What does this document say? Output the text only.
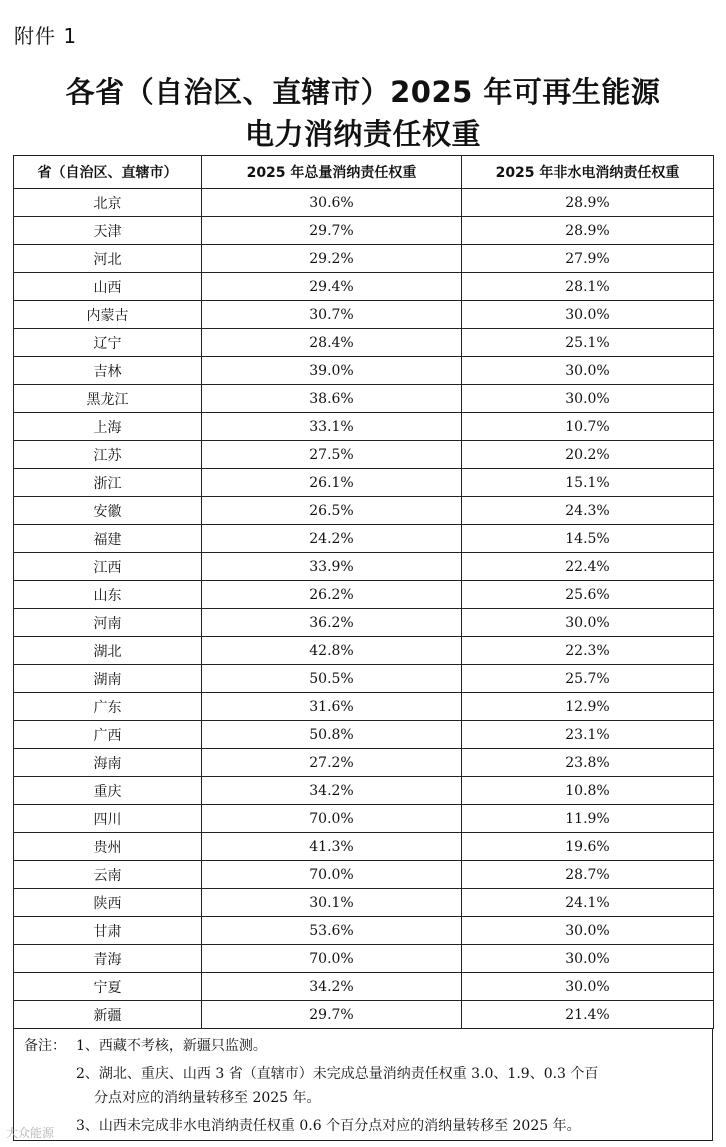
附件 1
各省（自治区、直辖市）2025 年可再生能源
电力消纳责任权重
省（自治区、直辖市）	2025 年总量消纳责任权重	2025 年非水电消纳责任权重
北京	30.6%	28.9%
天津	29.7%	28.9%
河北	29.2%	27.9%
山西	29.4%	28.1%
内蒙古	30.7%	30.0%
辽宁	28.4%	25.1%
吉林	39.0%	30.0%
黑龙江	38.6%	30.0%
上海	33.1%	10.7%
江苏	27.5%	20.2%
浙江	26.1%	15.1%
安徽	26.5%	24.3%
福建	24.2%	14.5%
江西	33.9%	22.4%
山东	26.2%	25.6%
河南	36.2%	30.0%
湖北	42.8%	22.3%
湖南	50.5%	25.7%
广东	31.6%	12.9%
广西	50.8%	23.1%
海南	27.2%	23.8%
重庆	34.2%	10.8%
四川	70.0%	11.9%
贵州	41.3%	19.6%
云南	70.0%	28.7%
陕西	30.1%	24.1%
甘肃	53.6%	30.0%
青海	70.0%	30.0%
宁夏	34.2%	30.0%
新疆	29.7%	21.4%
备注： 1、西藏不考核，新疆只监测。
2、湖北、重庆、山西 3 省（直辖市）未完成总量消纳责任权重 3.0、1.9、0.3 个百
分点对应的消纳量转移至 2025 年。
3、山西未完成非水电消纳责任权重 0.6 个百分点对应的消纳量转移至 2025 年。
大众能源
